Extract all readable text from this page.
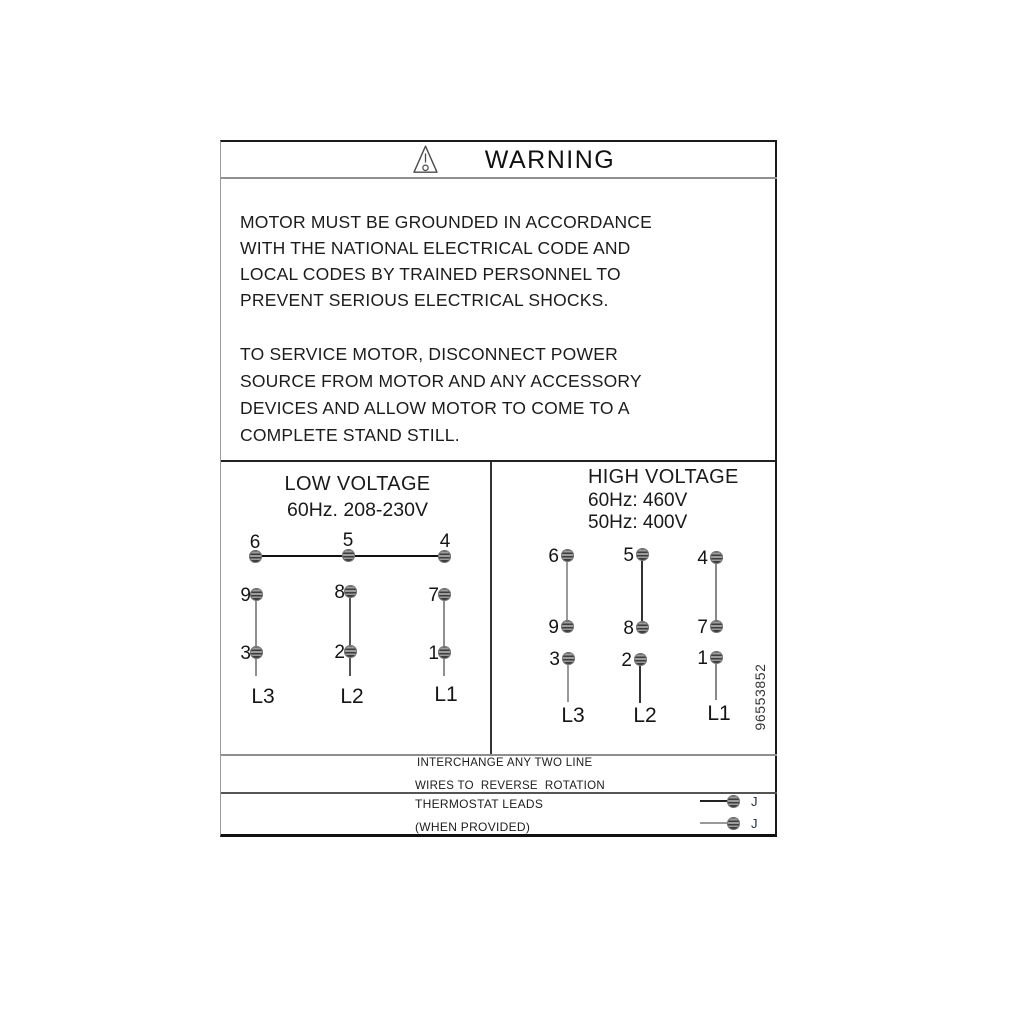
WARNING
MOTOR MUST BE GROUNDED IN ACCORDANCE
WITH THE NATIONAL ELECTRICAL CODE AND
LOCAL CODES BY TRAINED PERSONNEL TO
PREVENT SERIOUS ELECTRICAL SHOCKS.
TO SERVICE MOTOR, DISCONNECT POWER
SOURCE FROM MOTOR AND ANY ACCESSORY
DEVICES AND ALLOW MOTOR TO COME TO A
COMPLETE STAND STILL.
LOW VOLTAGE
60Hz. 208-230V
6	5	4
9	8	7
3	2	1
L3	L2	L1
HIGH VOLTAGE
60Hz: 460V
50Hz: 400V
6	5	4
9	8	7
3	2	1
L3 L2 L1	96553852
INTERCHANGE ANY TWO LINE
WIRES TO  REVERSE  ROTATION
THERMOSTAT LEADS
(WHEN PROVIDED)
J
J
